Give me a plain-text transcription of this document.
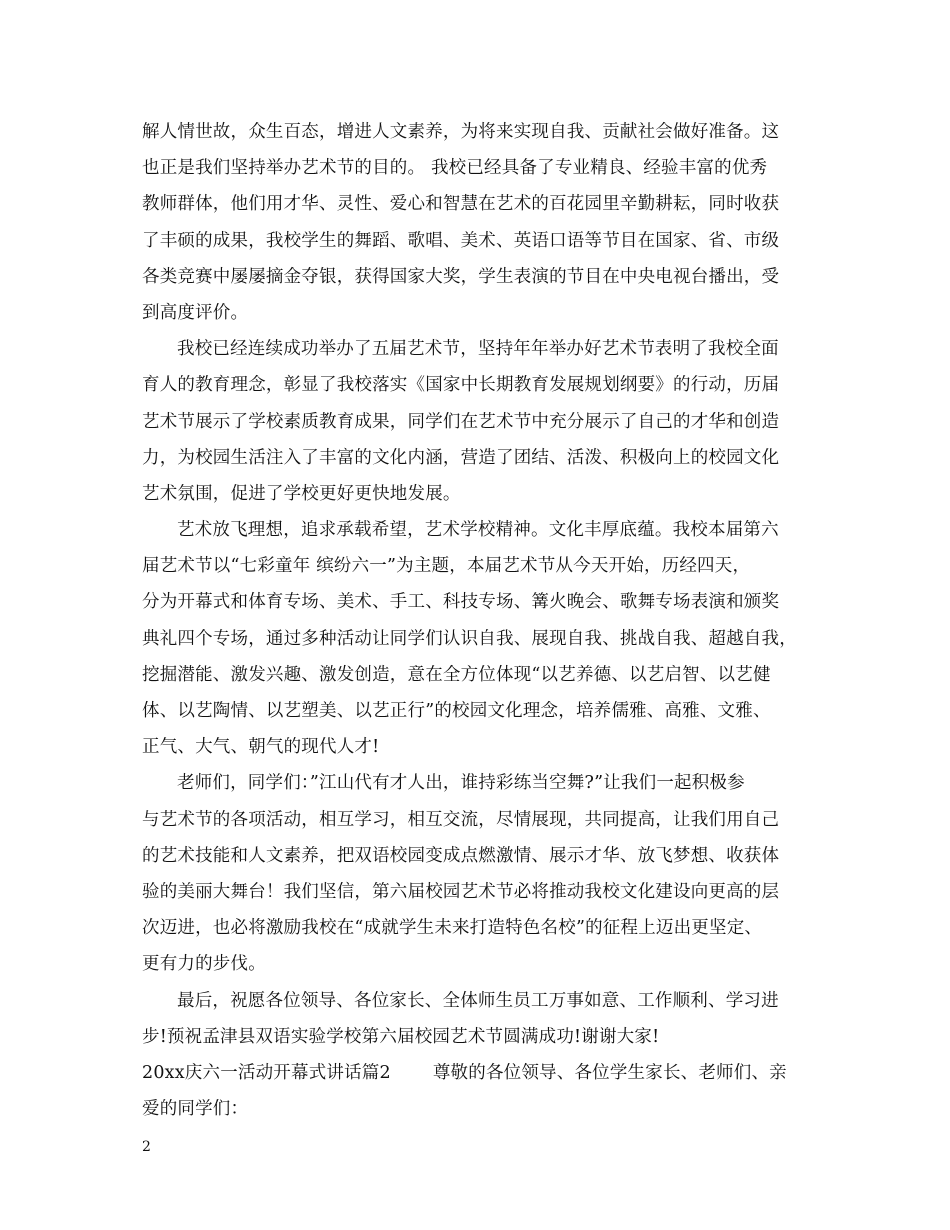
解人情世故，众生百态，增进人文素养，为将来实现自我、贡献社会做好准备。这
也正是我们坚持举办艺术节的目的。 我校已经具备了专业精良、经验丰富的优秀
教师群体，他们用才华、灵性、爱心和智慧在艺术的百花园里辛勤耕耘，同时收获
了丰硕的成果，我校学生的舞蹈、歌唱、美术、英语口语等节目在国家、省、市级
各类竞赛中屡屡摘金夺银，获得国家大奖，学生表演的节目在中央电视台播出，受
到高度评价。
我校已经连续成功举办了五届艺术节，坚持年年举办好艺术节表明了我校全面
育人的教育理念，彰显了我校落实《国家中长期教育发展规划纲要》的行动，历届
艺术节展示了学校素质教育成果，同学们在艺术节中充分展示了自己的才华和创造
力，为校园生活注入了丰富的文化内涵，营造了团结、活泼、积极向上的校园文化
艺术氛围，促进了学校更好更快地发展。
艺术放飞理想，追求承载希望，艺术学校精神。文化丰厚底蕴。我校本届第六
届艺术节以“七彩童年 缤纷六一”为主题，本届艺术节从今天开始，历经四天，
分为开幕式和体育专场、美术、手工、科技专场、篝火晚会、歌舞专场表演和颁奖
典礼四个专场，通过多种活动让同学们认识自我、展现自我、挑战自我、超越自我，
挖掘潜能、激发兴趣、激发创造，意在全方位体现“以艺养德、以艺启智、以艺健
体、以艺陶情、以艺塑美、以艺正行”的校园文化理念，培养儒雅、高雅、文雅、
正气、大气、朝气的现代人才!
老师们，同学们：”江山代有才人出，谁持彩练当空舞?”让我们一起积极参
与艺术节的各项活动，相互学习，相互交流，尽情展现，共同提高，让我们用自己
的艺术技能和人文素养，把双语校园变成点燃激情、展示才华、放飞梦想、收获体
验的美丽大舞台！我们坚信，第六届校园艺术节必将推动我校文化建设向更高的层
次迈进，也必将激励我校在“成就学生未来打造特色名校”的征程上迈出更坚定、
更有力的步伐。
最后，祝愿各位领导、各位家长、全体师生员工万事如意、工作顺利、学习进
步!预祝孟津县双语实验学校第六届校园艺术节圆满成功!谢谢大家!
20xx庆六一活动开幕式讲话篇2 尊敬的各位领导、各位学生家长、老师们、亲
爱的同学们：
2
